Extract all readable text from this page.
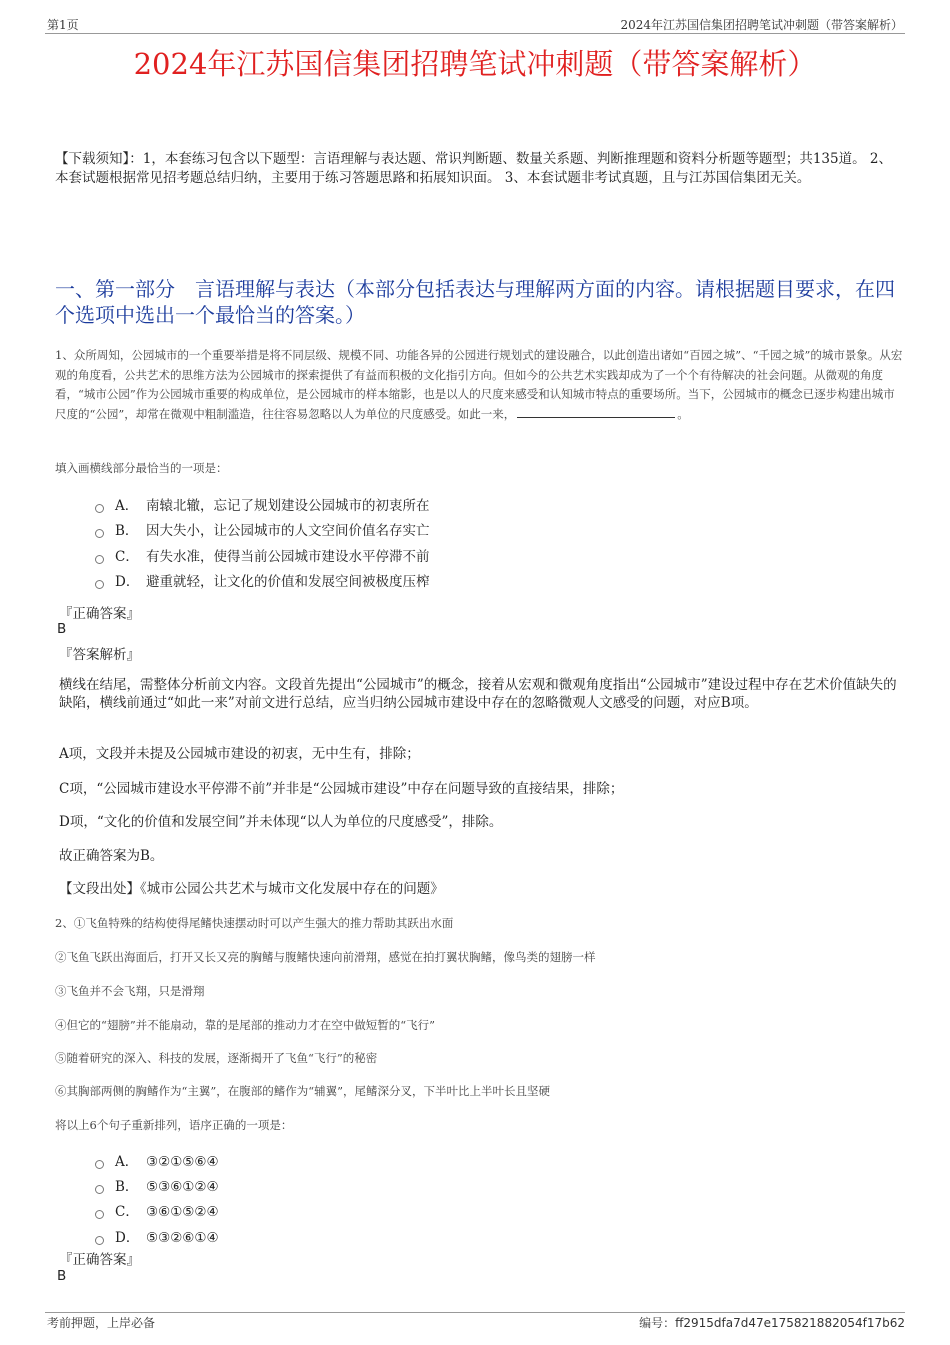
第1页	2024年江苏国信集团招聘笔试冲刺题（带答案解析）
2024年江苏国信集团招聘笔试冲刺题（带答案解析）
【下载须知】：1，本套练习包含以下题型：言语理解与表达题、常识判断题、数量关系题、判断推理题和资料分析题等题型；共135道。 2、本套试题根据常见招考题总结归纳，主要用于练习答题思路和拓展知识面。 3、本套试题非考试真题，且与江苏国信集团无关。
一、第一部分　言语理解与表达（本部分包括表达与理解两方面的内容。请根据题目要求，在四个选项中选出一个最恰当的答案。）
1、众所周知，公园城市的一个重要举措是将不同层级、规模不同、功能各异的公园进行规划式的建设融合，以此创造出诸如“百园之城”、“千园之城”的城市景象。从宏观的角度看，公共艺术的思维方法为公园城市的探索提供了有益而积极的文化指引方向。但如今的公共艺术实践却成为了一个个有待解决的社会问题。从微观的角度看，“城市公园”作为公园城市重要的构成单位，是公园城市的样本缩影，也是以人的尺度来感受和认知城市特点的重要场所。当下，公园城市的概念已逐步构建出城市尺度的“公园”，却常在微观中粗制滥造，往往容易忽略以人为单位的尺度感受。如此一来，	。
填入画横线部分最恰当的一项是：
A． 南辕北辙，忘记了规划建设公园城市的初衷所在
B． 因大失小，让公园城市的人文空间价值名存实亡
C． 有失水准，使得当前公园城市建设水平停滞不前
D． 避重就轻，让文化的价值和发展空间被极度压榨
『正确答案』
B
『答案解析』
横线在结尾，需整体分析前文内容。文段首先提出“公园城市”的概念，接着从宏观和微观角度指出“公园城市”建设过程中存在艺术价值缺失的缺陷，横线前通过“如此一来”对前文进行总结，应当归纳公园城市建设中存在的忽略微观人文感受的问题，对应B项。
A项，文段并未提及公园城市建设的初衷，无中生有，排除；
C项，“公园城市建设水平停滞不前”并非是“公园城市建设”中存在问题导致的直接结果，排除；
D项，“文化的价值和发展空间”并未体现“以人为单位的尺度感受”，排除。
故正确答案为B。
【文段出处】《城市公园公共艺术与城市文化发展中存在的问题》
2、①飞鱼特殊的结构使得尾鳍快速摆动时可以产生强大的推力帮助其跃出水面
②飞鱼飞跃出海面后，打开又长又亮的胸鳍与腹鳍快速向前滑翔，感觉在拍打翼状胸鳍，像鸟类的翅膀一样
③飞鱼并不会飞翔，只是滑翔
④但它的“翅膀”并不能扇动，靠的是尾部的推动力才在空中做短暂的“飞行”
⑤随着研究的深入、科技的发展，逐渐揭开了飞鱼“飞行”的秘密
⑥其胸部两侧的胸鳍作为“主翼”，在腹部的鳍作为“辅翼”，尾鳍深分叉，下半叶比上半叶长且坚硬
将以上6个句子重新排列，语序正确的一项是：
A． ③②①⑤⑥④
B． ⑤③⑥①②④
C． ③⑥①⑤②④
D． ⑤③②⑥①④
『正确答案』
B
考前押题，上岸必备	编号：ff2915dfa7d47e175821882054f17b62
